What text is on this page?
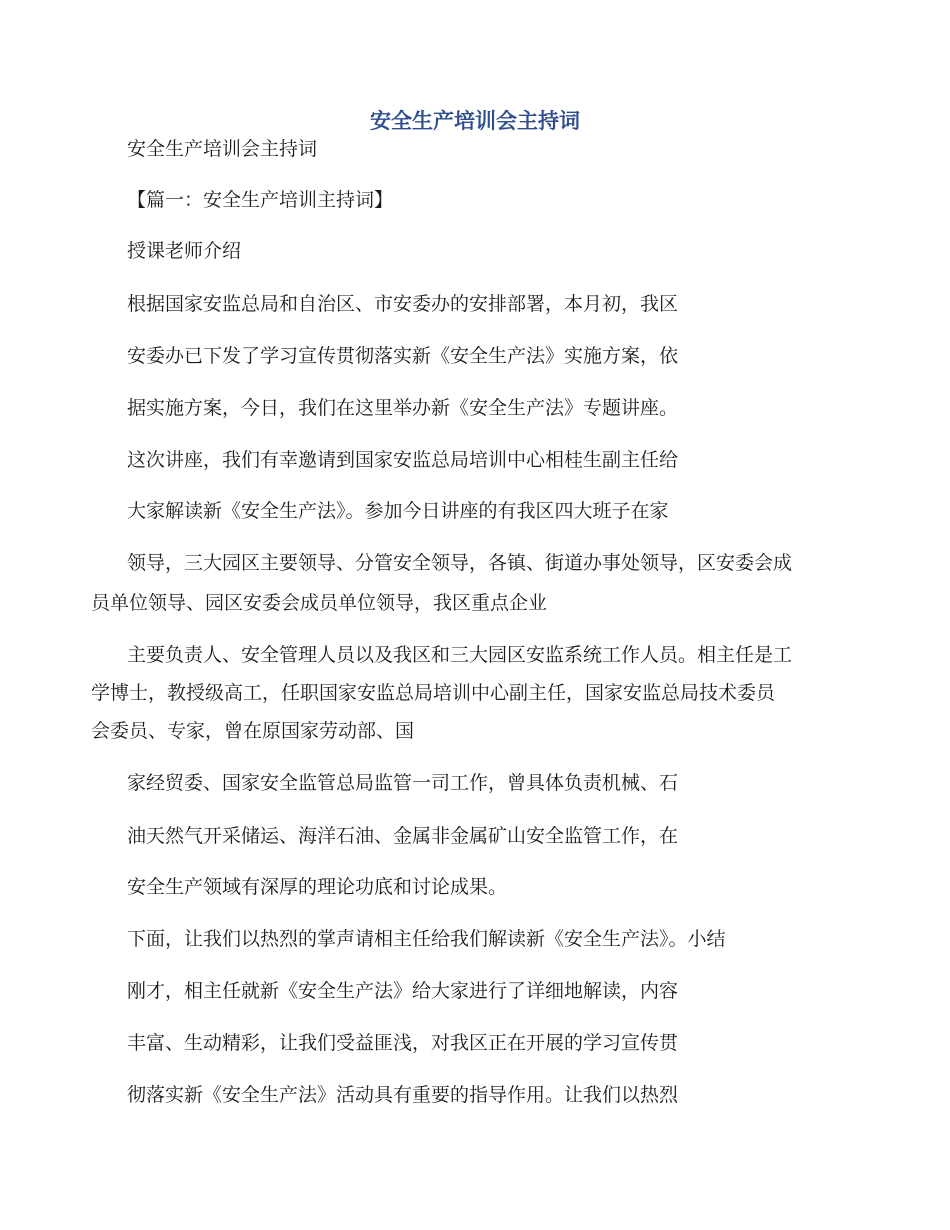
安全生产培训会主持词

安全生产培训会主持词

【篇一：安全生产培训主持词】

授课老师介绍

根据国家安监总局和自治区、市安委办的安排部署，本月初，我区

安委办已下发了学习宣传贯彻落实新《安全生产法》实施方案，依

据实施方案，今日，我们在这里举办新《安全生产法》专题讲座。

这次讲座，我们有幸邀请到国家安监总局培训中心相桂生副主任给

大家解读新《安全生产法》。参加今日讲座的有我区四大班子在家

领导，三大园区主要领导、分管安全领导，各镇、街道办事处领导，区安委会成

员单位领导、园区安委会成员单位领导，我区重点企业

主要负责人、安全管理人员以及我区和三大园区安监系统工作人员。相主任是工

学博士，教授级高工，任职国家安监总局培训中心副主任，国家安监总局技术委员

会委员、专家，曾在原国家劳动部、国

家经贸委、国家安全监管总局监管一司工作，曾具体负责机械、石

油天然气开采储运、海洋石油、金属非金属矿山安全监管工作，在

安全生产领域有深厚的理论功底和讨论成果。

下面，让我们以热烈的掌声请相主任给我们解读新《安全生产法》。小结

刚才，相主任就新《安全生产法》给大家进行了详细地解读，内容

丰富、生动精彩，让我们受益匪浅，对我区正在开展的学习宣传贯

彻落实新《安全生产法》活动具有重要的指导作用。让我们以热烈
